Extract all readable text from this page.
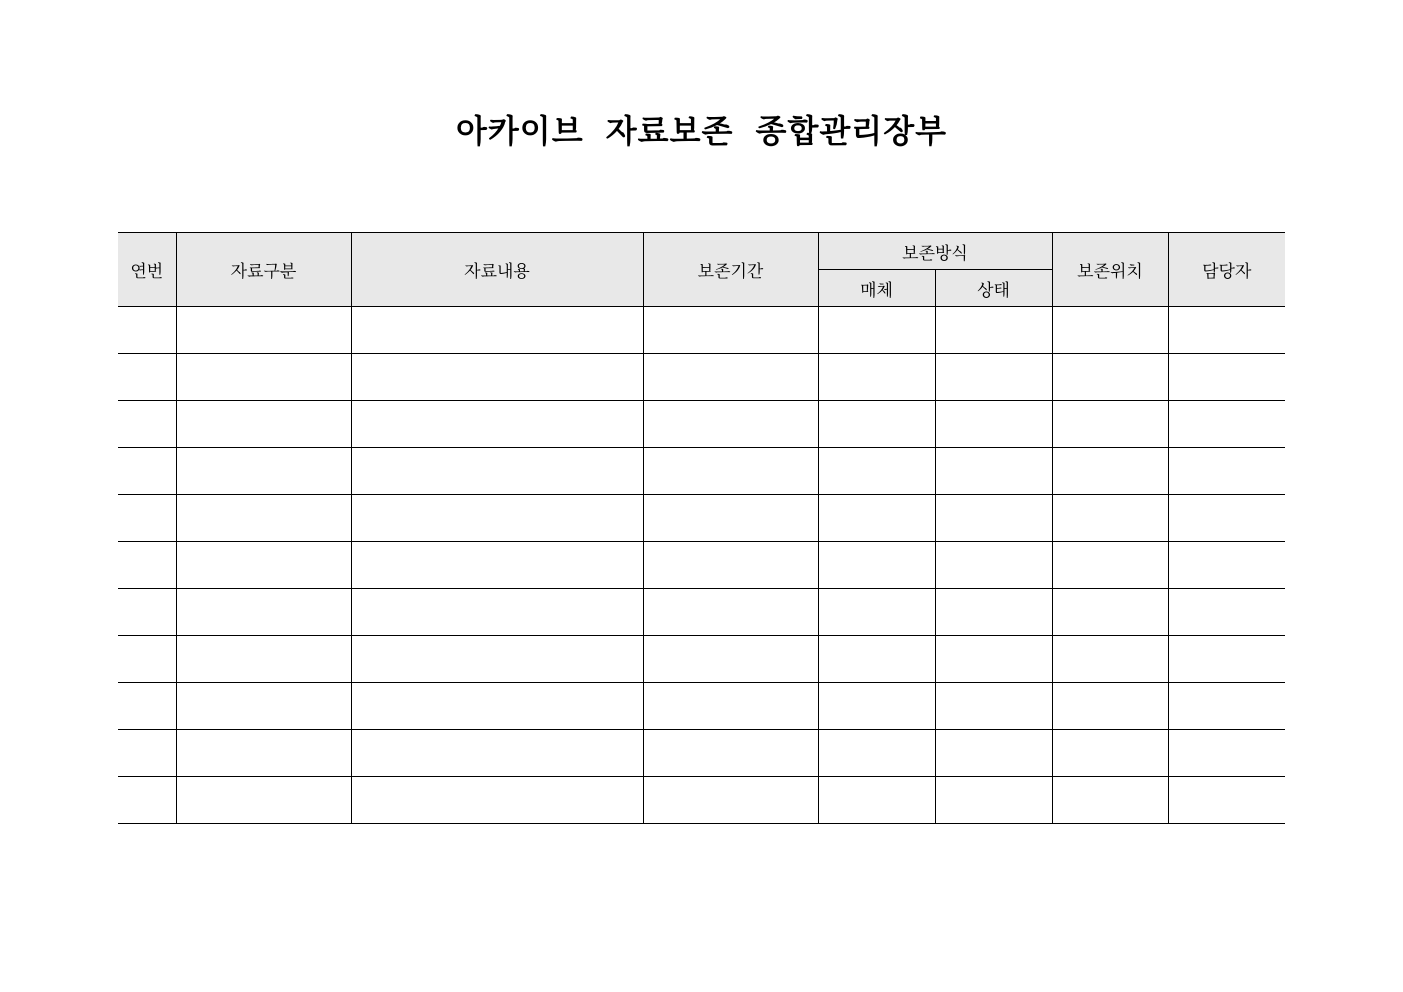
아카이브 자료보존 종합관리장부
연번	자료구분	자료내용	보존기간	보존방식		보존위치	담당자
				매체	상태		
